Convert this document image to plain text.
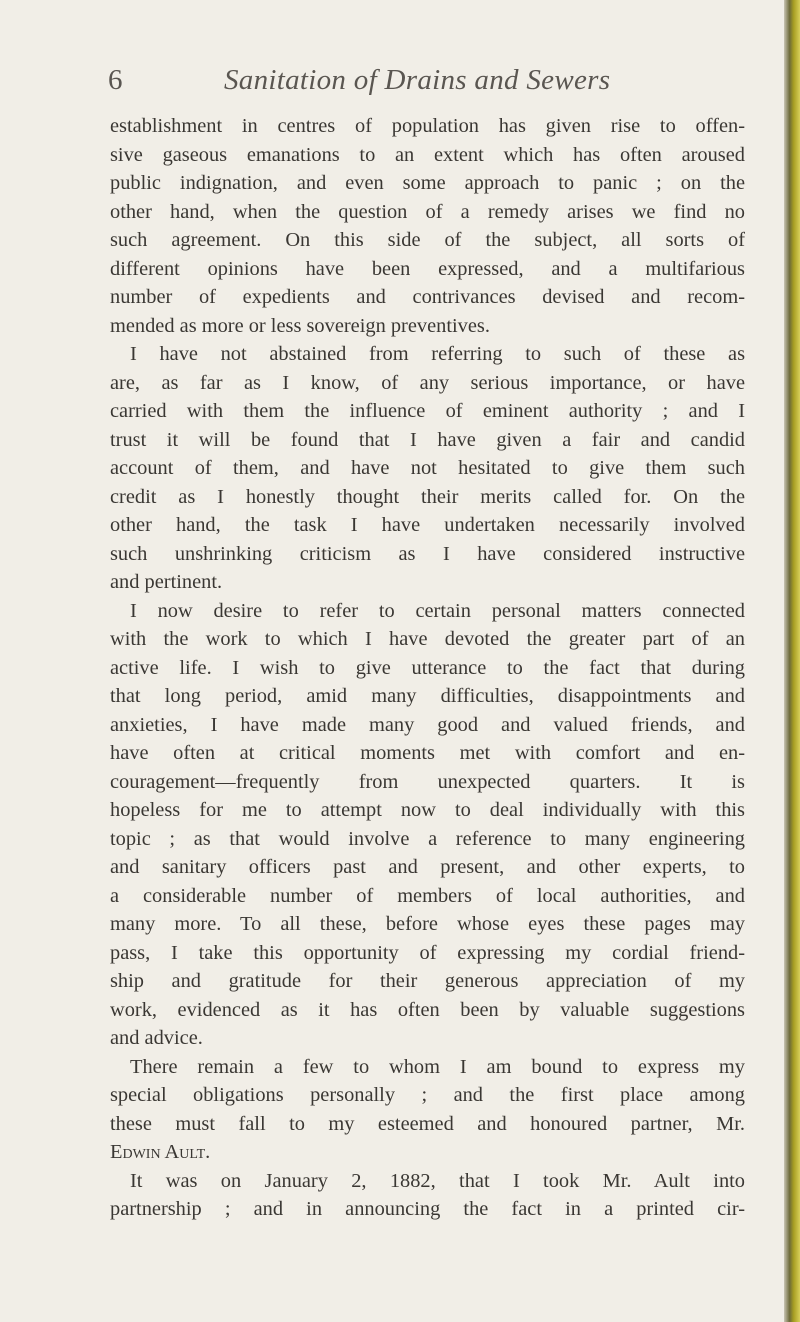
6	Sanitation of Drains and Sewers
establishment in centres of population has given rise to offen-
sive gaseous emanations to an extent which has often aroused
public indignation, and even some approach to panic ; on the
other hand, when the question of a remedy arises we find no
such agreement. On this side of the subject, all sorts of
different opinions have been expressed, and a multifarious
number of expedients and contrivances devised and recom-
mended as more or less sovereign preventives.
I have not abstained from referring to such of these as
are, as far as I know, of any serious importance, or have
carried with them the influence of eminent authority ; and I
trust it will be found that I have given a fair and candid
account of them, and have not hesitated to give them such
credit as I honestly thought their merits called for. On the
other hand, the task I have undertaken necessarily involved
such unshrinking criticism as I have considered instructive
and pertinent.
I now desire to refer to certain personal matters connected
with the work to which I have devoted the greater part of an
active life. I wish to give utterance to the fact that during
that long period, amid many difficulties, disappointments and
anxieties, I have made many good and valued friends, and
have often at critical moments met with comfort and en-
couragement—frequently from unexpected quarters. It is
hopeless for me to attempt now to deal individually with this
topic ; as that would involve a reference to many engineering
and sanitary officers past and present, and other experts, to
a considerable number of members of local authorities, and
many more. To all these, before whose eyes these pages may
pass, I take this opportunity of expressing my cordial friend-
ship and gratitude for their generous appreciation of my
work, evidenced as it has often been by valuable suggestions
and advice.
There remain a few to whom I am bound to express my
special obligations personally ; and the first place among
these must fall to my esteemed and honoured partner, Mr.
Edwin Ault.
It was on January 2, 1882, that I took Mr. Ault into
partnership ; and in announcing the fact in a printed cir-
